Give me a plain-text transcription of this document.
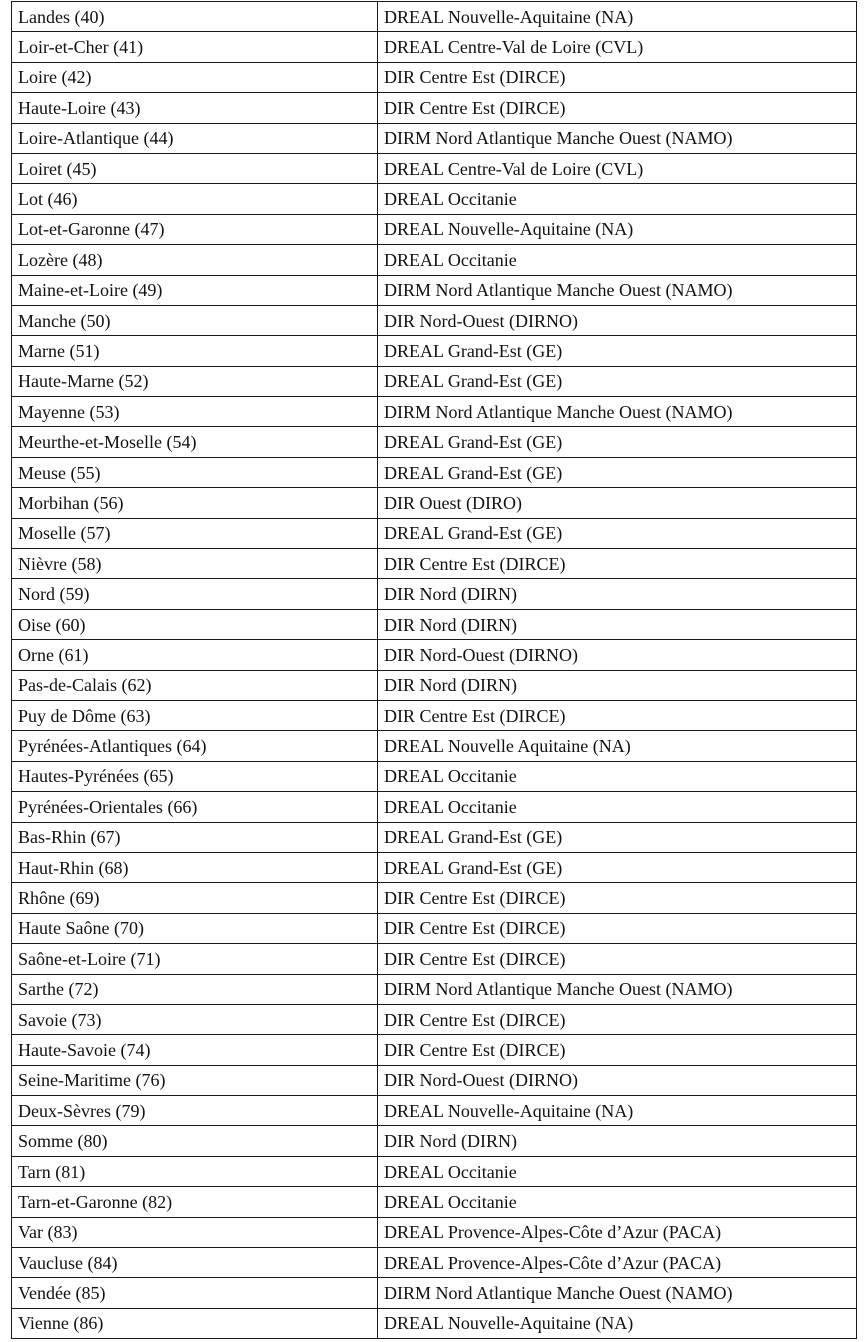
Landes (40)	DREAL Nouvelle-Aquitaine (NA)
Loir-et-Cher (41)	DREAL Centre-Val de Loire (CVL)
Loire (42)	DIR Centre Est (DIRCE)
Haute-Loire (43)	DIR Centre Est (DIRCE)
Loire-Atlantique (44)	DIRM Nord Atlantique Manche Ouest (NAMO)
Loiret (45)	DREAL Centre-Val de Loire (CVL)
Lot (46)	DREAL Occitanie
Lot-et-Garonne (47)	DREAL Nouvelle-Aquitaine (NA)
Lozère (48)	DREAL Occitanie
Maine-et-Loire (49)	DIRM Nord Atlantique Manche Ouest (NAMO)
Manche (50)	DIR Nord-Ouest (DIRNO)
Marne (51)	DREAL Grand-Est (GE)
Haute-Marne (52)	DREAL Grand-Est (GE)
Mayenne (53)	DIRM Nord Atlantique Manche Ouest (NAMO)
Meurthe-et-Moselle (54)	DREAL Grand-Est (GE)
Meuse (55)	DREAL Grand-Est (GE)
Morbihan (56)	DIR Ouest (DIRO)
Moselle (57)	DREAL Grand-Est (GE)
Nièvre (58)	DIR Centre Est (DIRCE)
Nord (59)	DIR Nord (DIRN)
Oise (60)	DIR Nord (DIRN)
Orne (61)	DIR Nord-Ouest (DIRNO)
Pas-de-Calais (62)	DIR Nord (DIRN)
Puy de Dôme (63)	DIR Centre Est (DIRCE)
Pyrénées-Atlantiques (64)	DREAL Nouvelle Aquitaine (NA)
Hautes-Pyrénées (65)	DREAL Occitanie
Pyrénées-Orientales (66)	DREAL Occitanie
Bas-Rhin (67)	DREAL Grand-Est (GE)
Haut-Rhin (68)	DREAL Grand-Est (GE)
Rhône (69)	DIR Centre Est (DIRCE)
Haute Saône (70)	DIR Centre Est (DIRCE)
Saône-et-Loire (71)	DIR Centre Est (DIRCE)
Sarthe (72)	DIRM Nord Atlantique Manche Ouest (NAMO)
Savoie (73)	DIR Centre Est (DIRCE)
Haute-Savoie (74)	DIR Centre Est (DIRCE)
Seine-Maritime (76)	DIR Nord-Ouest (DIRNO)
Deux-Sèvres (79)	DREAL Nouvelle-Aquitaine (NA)
Somme (80)	DIR Nord (DIRN)
Tarn (81)	DREAL Occitanie
Tarn-et-Garonne (82)	DREAL Occitanie
Var (83)	DREAL Provence-Alpes-Côte d’Azur (PACA)
Vaucluse (84)	DREAL Provence-Alpes-Côte d’Azur (PACA)
Vendée (85)	DIRM Nord Atlantique Manche Ouest (NAMO)
Vienne (86)	DREAL Nouvelle-Aquitaine (NA)
